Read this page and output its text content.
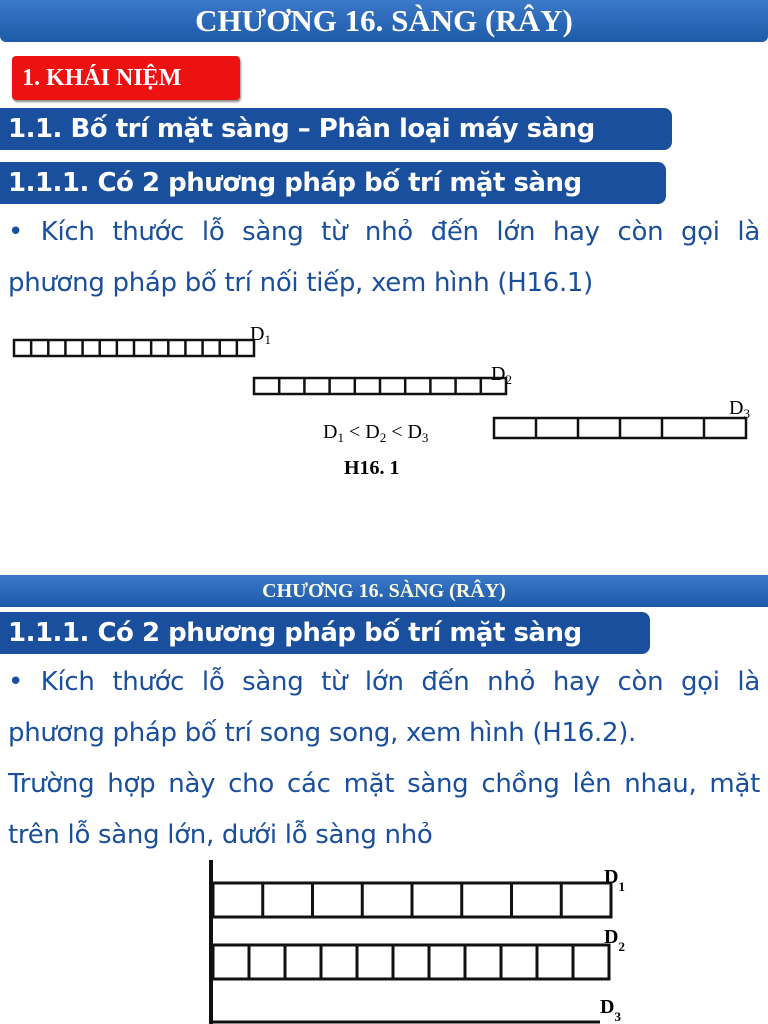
CHƯƠNG 16. SÀNG (RÂY)
1. KHÁI NIỆM
1.1. Bố trí mặt sàng – Phân loại máy sàng
1.1.1. Có 2 phương pháp bố trí mặt sàng
• Kích thước lỗ sàng từ nhỏ đến lớn hay còn gọi là
phương pháp bố trí nối tiếp, xem hình (H16.1)
$D_1$
$D_2$
$D_3$
$D_1 < D_2 < D_3$
H16. 1
CHƯƠNG 16. SÀNG (RÂY)
1.1.1. Có 2 phương pháp bố trí mặt sàng
• Kích thước lỗ sàng từ lớn đến nhỏ hay còn gọi là
phương pháp bố trí song song, xem hình (H16.2).
Trường hợp này cho các mặt sàng chồng lên nhau, mặt
trên lỗ sàng lớn, dưới lỗ sàng nhỏ
$D_1$
$D_2$
$D_3$
